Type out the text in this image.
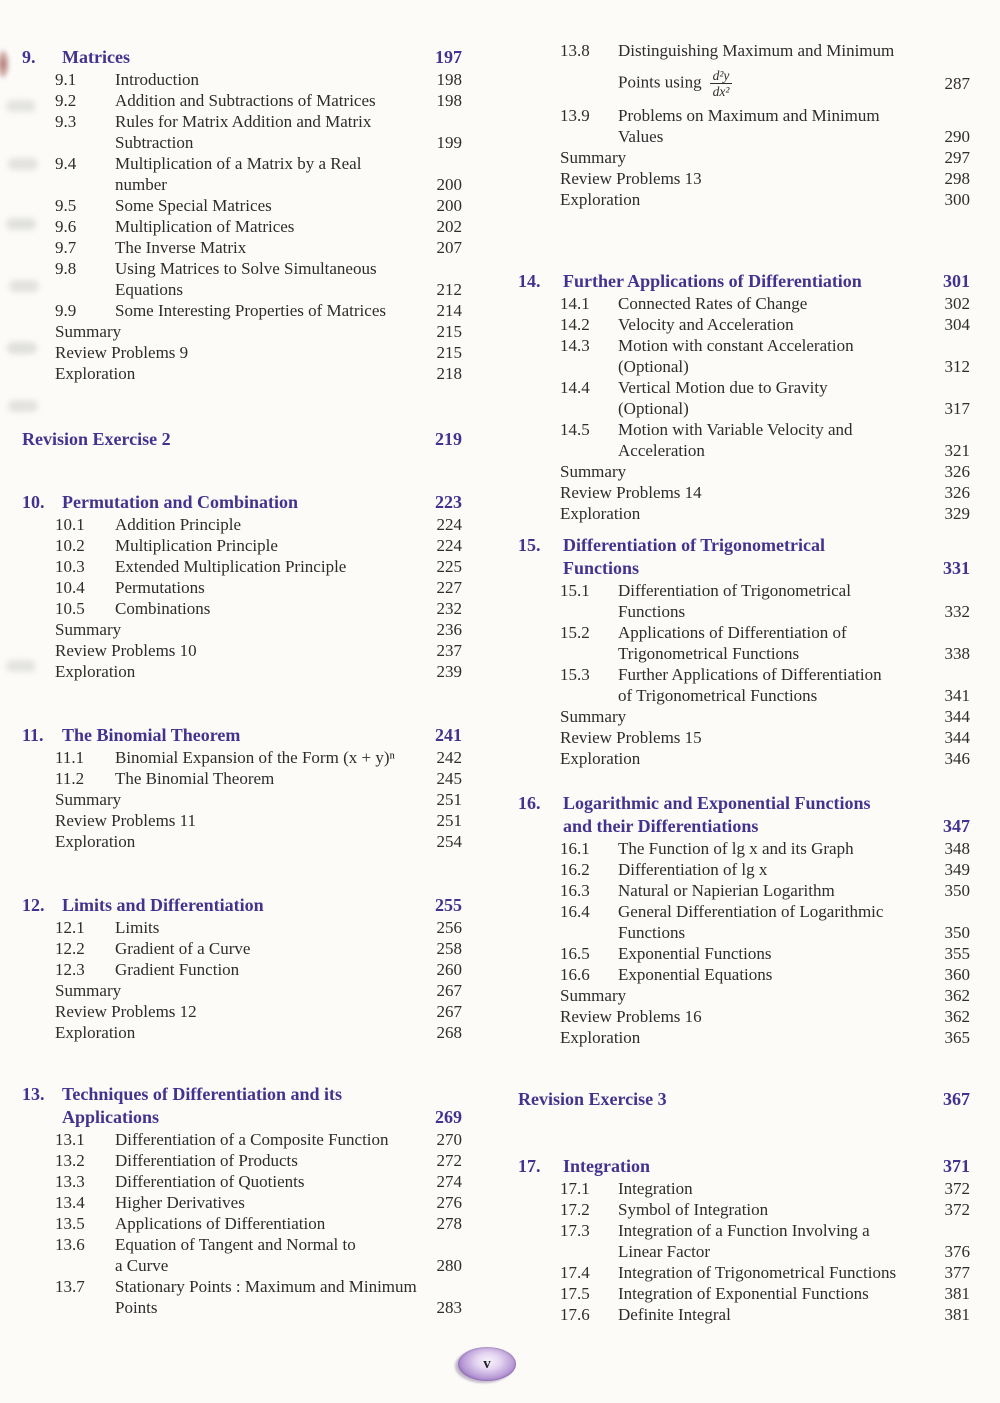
9.	Matrices	197
9.1	Introduction	198
9.2	Addition and Subtractions of Matrices	198
9.3	Rules for Matrix Addition and Matrix
Subtraction	199
9.4	Multiplication of a Matrix by a Real
number	200
9.5	Some Special Matrices	200
9.6	Multiplication of Matrices	202
9.7	The Inverse Matrix	207
9.8	Using Matrices to Solve Simultaneous
Equations	212
9.9	Some Interesting Properties of Matrices	214
Summary	215
Review Problems 9	215
Exploration	218
Revision Exercise 2	219
10. Permutation and Combination	223
10.1	Addition Principle	224
10.2	Multiplication Principle	224
10.3	Extended Multiplication Principle	225
10.4	Permutations	227
10.5	Combinations	232
Summary	236
Review Problems 10	237
Exploration	239
11.	The Binomial Theorem	241
11.1	Binomial Expansion of the Form (x + y)ⁿ	242
11.2	The Binomial Theorem	245
Summary	251
Review Problems 11	251
Exploration	254
12. Limits and Differentiation	255
12.1	Limits	256
12.2	Gradient of a Curve	258
12.3	Gradient Function	260
Summary	267
Review Problems 12	267
Exploration	268
13. Techniques of Differentiation and its
Applications	269
13.1	Differentiation of a Composite Function	270
13.2	Differentiation of Products	272
13.3	Differentiation of Quotients	274
13.4	Higher Derivatives	276
13.5	Applications of Differentiation	278
13.6	Equation of Tangent and Normal to
a Curve	280
13.7	Stationary Points : Maximum and Minimum
Points	283
13.8	Distinguishing Maximum and Minimum
Points using $\frac{\text{d²y}}{\text{dx²}}$	287
13.9	Problems on Maximum and Minimum
Values	290
Summary	297
Review Problems 13	298
Exploration	300
14.	Further Applications of Differentiation	301
14.1	Connected Rates of Change	302
14.2	Velocity and Acceleration	304
14.3	Motion with constant Acceleration
(Optional)	312
14.4	Vertical Motion due to Gravity
(Optional)	317
14.5	Motion with Variable Velocity and
Acceleration	321
Summary	326
Review Problems 14	326
Exploration	329
15.	Differentiation of Trigonometrical
Functions	331
15.1	Differentiation of Trigonometrical
Functions	332
15.2	Applications of Differentiation of
Trigonometrical Functions	338
15.3	Further Applications of Differentiation
of Trigonometrical Functions	341
Summary	344
Review Problems 15	344
Exploration	346
16.	Logarithmic and Exponential Functions
and their Differentiations	347
16.1	The Function of lg x and its Graph	348
16.2	Differentiation of lg x	349
16.3	Natural or Napierian Logarithm	350
16.4	General Differentiation of Logarithmic
Functions	350
16.5	Exponential Functions	355
16.6	Exponential Equations	360
Summary	362
Review Problems 16	362
Exploration	365
Revision Exercise 3	367
17.	Integration	371
17.1	Integration	372
17.2	Symbol of Integration	372
17.3	Integration of a Function Involving a
Linear Factor	376
17.4	Integration of Trigonometrical Functions	377
17.5	Integration of Exponential Functions	381
17.6	Definite Integral	381
v
